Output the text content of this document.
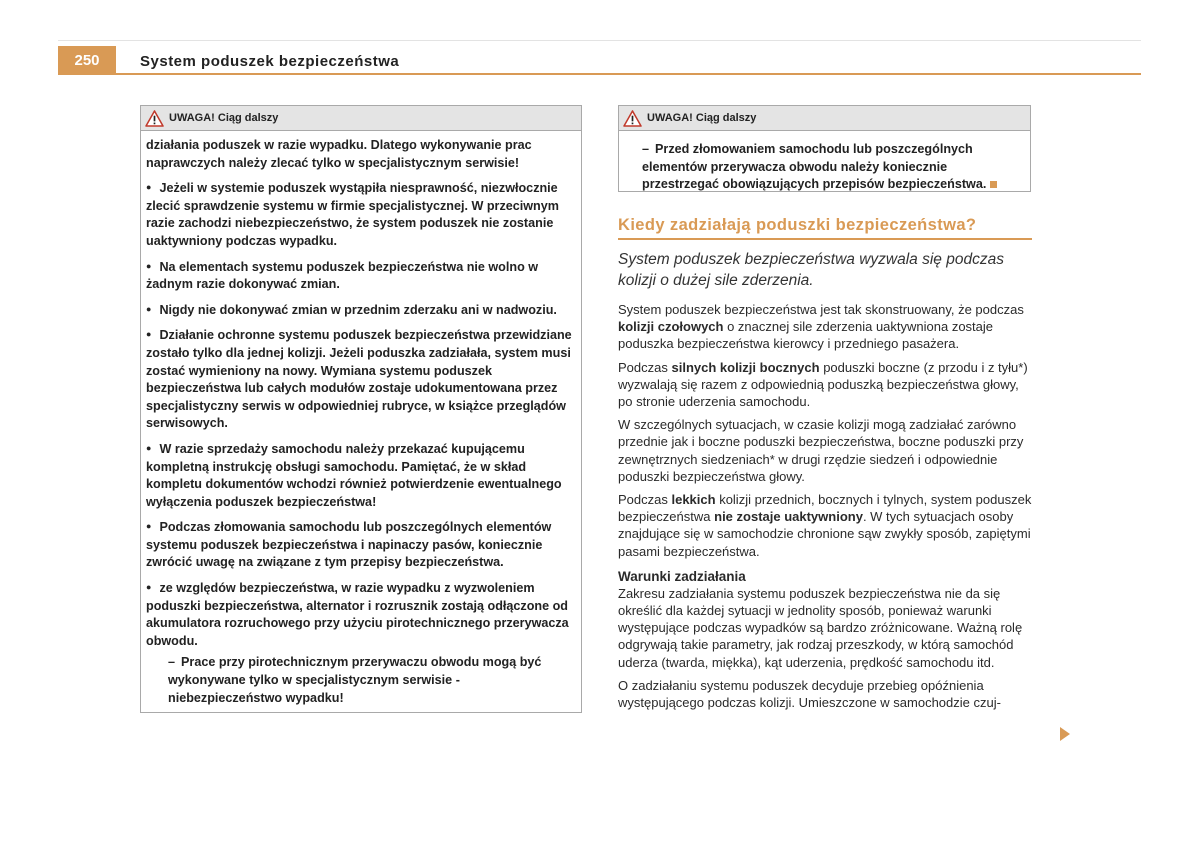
250	System poduszek bezpieczeństwa
UWAGA! Ciąg dalszy

działania poduszek w razie wypadku. Dlatego wykonywanie prac naprawczych należy zlecać tylko w specjalistycznym serwisie!

● Jeżeli w systemie poduszek wystąpiła niesprawność, niezwłocznie zlecić sprawdzenie systemu w firmie specjalistycznej. W przeciwnym razie zachodzi niebezpieczeństwo, że system poduszek nie zostanie uaktywniony podczas wypadku.

● Na elementach systemu poduszek bezpieczeństwa nie wolno w żadnym razie dokonywać zmian.

● Nigdy nie dokonywać zmian w przednim zderzaku ani w nadwoziu.

● Działanie ochronne systemu poduszek bezpieczeństwa przewidziane zostało tylko dla jednej kolizji. Jeżeli poduszka zadziałała, system musi zostać wymieniony na nowy. Wymiana systemu poduszek bezpieczeństwa lub całych modułów zostaje udokumentowana przez specjalistyczny serwis w odpowiedniej rubryce, w książce przeglądów serwisowych.

● W razie sprzedaży samochodu należy przekazać kupującemu kompletną instrukcję obsługi samochodu. Pamiętać, że w skład kompletu dokumentów wchodzi również potwierdzenie ewentualnego wyłączenia poduszek bezpieczeństwa!

● Podczas złomowania samochodu lub poszczególnych elementów systemu poduszek bezpieczeństwa i napinaczy pasów, koniecznie zwrócić uwagę na związane z tym przepisy bezpieczeństwa.

● ze względów bezpieczeństwa, w razie wypadku z wyzwoleniem poduszki bezpieczeństwa, alternator i rozrusznik zostają odłączone od akumulatora rozruchowego przy użyciu pirotechnicznego przerywacza obwodu.

– Prace przy pirotechnicznym przerywaczu obwodu mogą być wykonywane tylko w specjalistycznym serwisie - niebezpieczeństwo wypadku!

UWAGA! Ciąg dalszy

– Przed złomowaniem samochodu lub poszczególnych elementów przerywacza obwodu należy koniecznie przestrzegać obowiązujących przepisów bezpieczeństwa.

Kiedy zadziałają poduszki bezpieczeństwa?
System poduszek bezpieczeństwa wyzwala się podczas kolizji o dużej sile zderzenia.

System poduszek bezpieczeństwa jest tak skonstruowany, że podczas kolizji czołowych o znacznej sile zderzenia uaktywniona zostaje poduszka bezpieczeństwa kierowcy i przedniego pasażera.

Podczas silnych kolizji bocznych poduszki boczne (z przodu i z tyłu*) wyzwalają się razem z odpowiednią poduszką bezpieczeństwa głowy, po stronie uderzenia samochodu.

W szczególnych sytuacjach, w czasie kolizji mogą zadziałać zarówno przednie jak i boczne poduszki bezpieczeństwa, boczne poduszki przy zewnętrznych siedzeniach* w drugi rzędzie siedzeń i odpowiednie poduszki bezpieczeństwa głowy.

Podczas lekkich kolizji przednich, bocznych i tylnych, system poduszek bezpieczeństwa nie zostaje uaktywniony. W tych sytuacjach osoby znajdujące się w samochodzie chronione sąw zwykły sposób, zapiętymi pasami bezpieczeństwa.

Warunki zadziałania

Zakresu zadziałania systemu poduszek bezpieczeństwa nie da się określić dla każdej sytuacji w jednolity sposób, ponieważ warunki występujące podczas wypadków są bardzo zróżnicowane. Ważną rolę odgrywają takie parametry, jak rodzaj przeszkody, w którą samochód uderza (twarda, miękka), kąt uderzenia, prędkość samochodu itd.

O zadziałaniu systemu poduszek decyduje przebieg opóźnienia występującego podczas kolizji. Umieszczone w samochodzie czuj-
